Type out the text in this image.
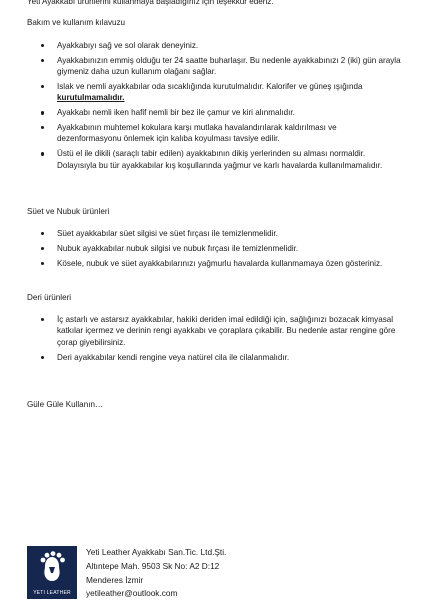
Yeti Ayakkabı ürünlerini kullanmaya başladığınız için teşekkür ederiz.
Bakım ve kullanım kılavuzu
Ayakkabıyı sağ ve sol olarak deneyiniz.
Ayakkabınızın emmiş olduğu ter 24 saatte buharlaşır. Bu nedenle ayakkabınızı 2 (iki) gün arayla giymeniz daha uzun kullanım olağanı sağlar.
Islak ve nemli ayakkabılar oda sıcaklığında kurutulmalıdır. Kalorifer ve güneş ışığında kurutulmamalıdır.
Ayakkabı nemli iken hafif nemli bir bez ile çamur ve kiri alınmalıdır.
Ayakkabının muhtemel kokulara karşı mutlaka havalandırılarak kaldırılması ve dezenformasyonu önlemek için kalıba koyulması tavsiye edilir.
Üstü el ile dikili (saraçlı tabir edilen) ayakkabının dikiş yerlerinden su alması normaldir. Dolayısıyla bu tür ayakkabılar kış koşullarında yağmur ve karlı havalarda kullanılmamalıdır.
Süet ve Nubuk ürünleri
Süet ayakkabılar süet silgisi ve süet fırçası ile temizlenmelidir.
Nubuk ayakkabılar nubuk silgisi ve nubuk fırçası ile temizlenmelidir.
Kösele, nubuk ve süet ayakkabılarınızı yağmurlu havalarda kullanmamaya özen gösteriniz.
Deri ürünleri
İç astarlı ve astarsız ayakkabılar, hakiki deriden imal edildiği için, sağlığınızı bozacak kimyasal katkılar içermez ve derinin rengi ayakkabı ve çoraplara çıkabilir. Bu nedenle astar rengine göre çorap giyebilirsiniz.
Deri ayakkabılar kendi rengine veya natürel cila ile cilalanmalıdır.
Güle Güle Kullanın…
YETI LEATHER
Yeti Leather Ayakkabı San.Tic. Ltd.Şti.
Altıntepe Mah. 9503 Sk No: A2 D:12
Menderes İzmir
yetileather@outlook.com
